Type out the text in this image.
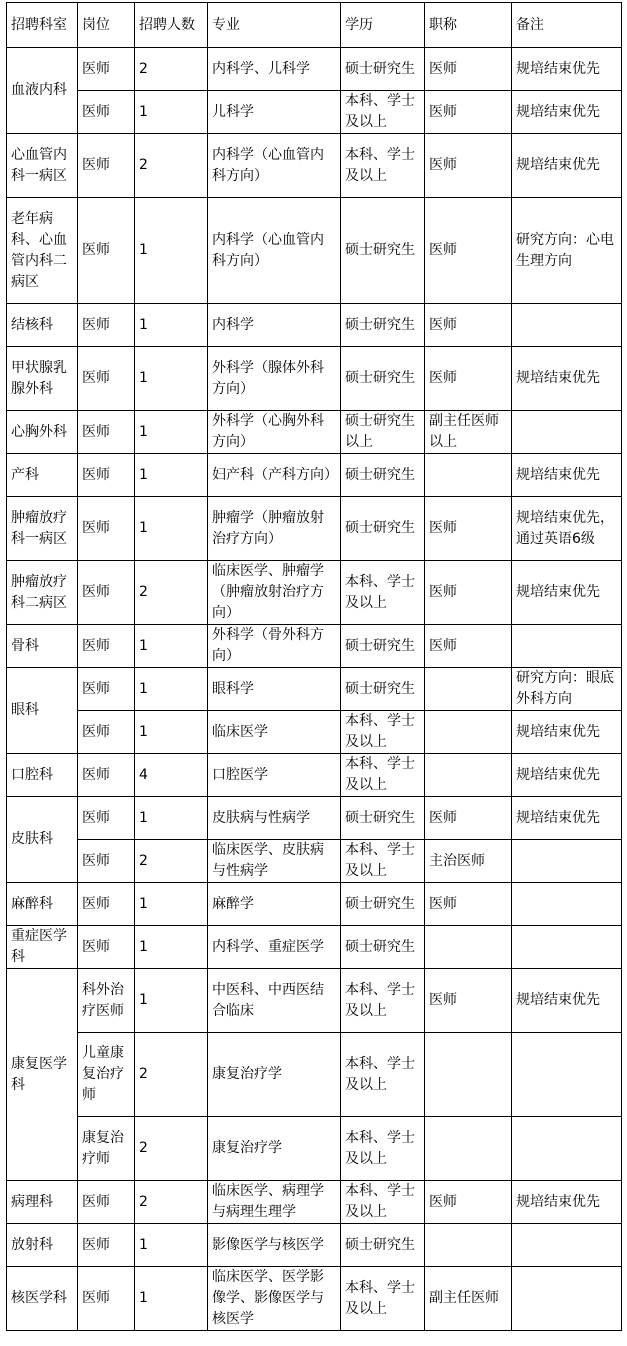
招聘科室	岗位	招聘人数	专业	学历	职称	备注
血液内科	医师	2	内科学、儿科学	硕士研究生	医师	规培结束优先
	医师	1	儿科学	本科、学士及以上	医师	规培结束优先
心血管内科一病区	医师	2	内科学（心血管内科方向）	本科、学士及以上	医师	规培结束优先
老年病科、心血管内科二病区	医师	1	内科学（心血管内科方向）	硕士研究生	医师	研究方向：心电生理方向
结核科	医师	1	内科学	硕士研究生	医师	
甲状腺乳腺外科	医师	1	外科学（腺体外科方向）	硕士研究生	医师	规培结束优先
心胸外科	医师	1	外科学（心胸外科方向）	硕士研究生以上	副主任医师以上	
产科	医师	1	妇产科（产科方向）	硕士研究生		规培结束优先
肿瘤放疗科一病区	医师	1	肿瘤学（肿瘤放射治疗方向）	硕士研究生	医师	规培结束优先，通过英语6级
肿瘤放疗科二病区	医师	2	临床医学、肿瘤学（肿瘤放射治疗方向）	本科、学士及以上	医师	规培结束优先
骨科	医师	1	外科学（骨外科方向）	硕士研究生	医师	
眼科	医师	1	眼科学	硕士研究生		研究方向：眼底外科方向
	医师	1	临床医学	本科、学士及以上		规培结束优先
口腔科	医师	4	口腔医学	本科、学士及以上		规培结束优先
皮肤科	医师	1	皮肤病与性病学	硕士研究生	医师	规培结束优先
	医师	2	临床医学、皮肤病与性病学	本科、学士及以上	主治医师	
麻醉科	医师	1	麻醉学	硕士研究生	医师	
重症医学科	医师	1	内科学、重症医学	硕士研究生		
康复医学科	科外治疗医师	1	中医科、中西医结合临床	本科、学士及以上	医师	规培结束优先
	儿童康复治疗师	2	康复治疗学	本科、学士及以上		
	康复治疗师	2	康复治疗学	本科、学士及以上		
病理科	医师	2	临床医学、病理学与病理生理学	本科、学士及以上	医师	规培结束优先
放射科	医师	1	影像医学与核医学	硕士研究生		
核医学科	医师	1	临床医学、医学影像学、影像医学与核医学	本科、学士及以上	副主任医师	
